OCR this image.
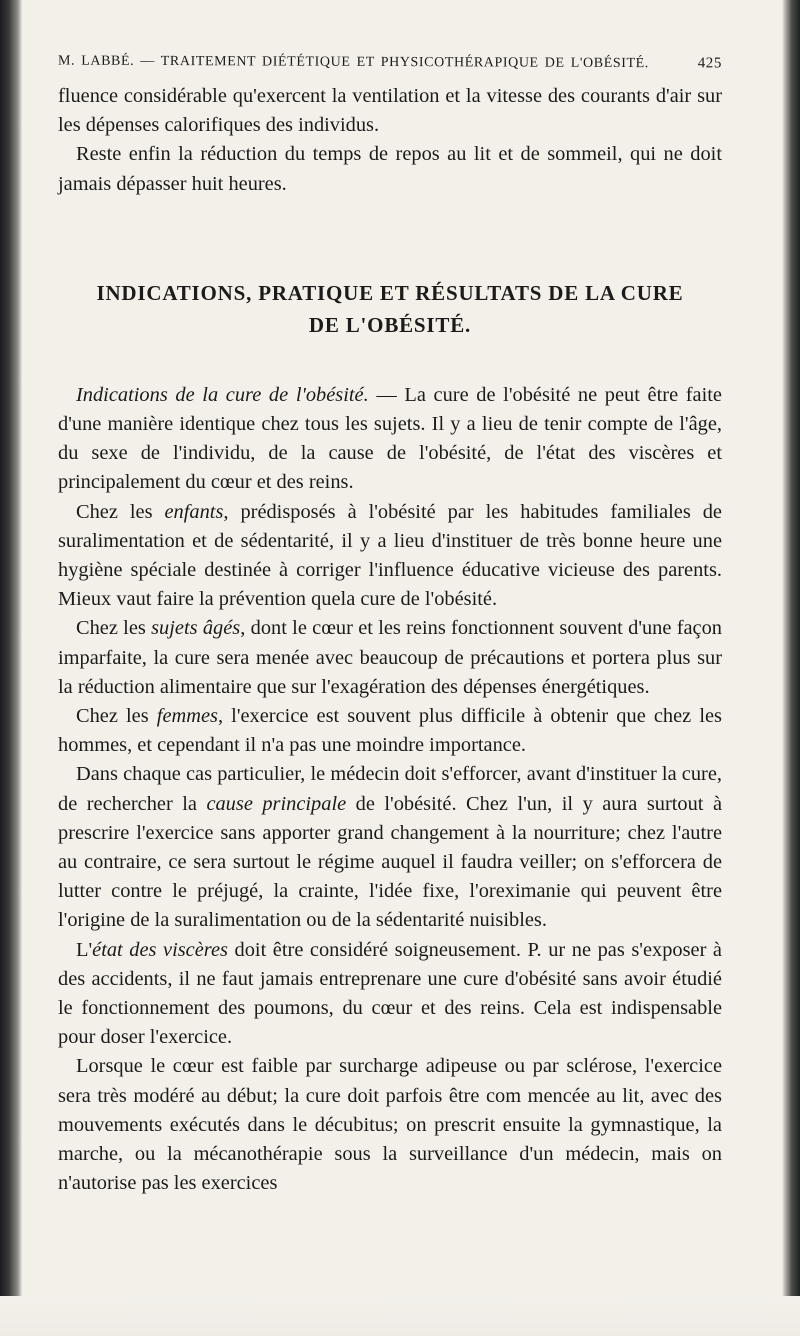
M. LABBÉ. — TRAITEMENT DIÉTÉTIQUE ET PHYSICOTHÉRAPIQUE DE L'OBÉSITÉ.	425

fluence considérable qu'exercent la ventilation et la vitesse des courants d'air sur les dépenses calorifiques des individus.

Reste enfin la réduction du temps de repos au lit et de sommeil, qui ne doit jamais dépasser huit heures.

INDICATIONS, PRATIQUE ET RÉSULTATS DE LA CURE
DE L'OBÉSITÉ.

Indications de la cure de l'obésité. — La cure de l'obésité ne peut être faite d'une manière identique chez tous les sujets. Il y a lieu de tenir compte de l'âge, du sexe de l'individu, de la cause de l'obésité, de l'état des viscères et principalement du cœur et des reins.

Chez les enfants, prédisposés à l'obésité par les habitudes familiales de suralimentation et de sédentarité, il y a lieu d'instituer de très bonne heure une hygiène spéciale destinée à corriger l'influence éducative vicieuse des parents. Mieux vaut faire la prévention quela cure de l'obésité.

Chez les sujets âgés, dont le cœur et les reins fonctionnent souvent d'une façon imparfaite, la cure sera menée avec beaucoup de précautions et portera plus sur la réduction alimentaire que sur l'exagération des dépenses énergétiques.

Chez les femmes, l'exercice est souvent plus difficile à obtenir que chez les hommes, et cependant il n'a pas une moindre importance.

Dans chaque cas particulier, le médecin doit s'efforcer, avant d'instituer la cure, de rechercher la cause principale de l'obésité. Chez l'un, il y aura surtout à prescrire l'exercice sans apporter grand changement à la nourriture; chez l'autre au contraire, ce sera surtout le régime auquel il faudra veiller; on s'efforcera de lutter contre le préjugé, la crainte, l'idée fixe, l'oreximanie qui peuvent être l'origine de la suralimentation ou de la sédentarité nuisibles.

L'état des viscères doit être considéré soigneusement. P. ur ne pas s'exposer à des accidents, il ne faut jamais entreprenare une cure d'obésité sans avoir étudié le fonctionnement des poumons, du cœur et des reins. Cela est indispensable pour doser l'exercice.

Lorsque le cœur est faible par surcharge adipeuse ou par sclérose, l'exercice sera très modéré au début; la cure doit parfois être com mencée au lit, avec des mouvements exécutés dans le décubitus; on prescrit ensuite la gymnastique, la marche, ou la mécanothérapie sous la surveillance d'un médecin, mais on n'autorise pas les exercices
